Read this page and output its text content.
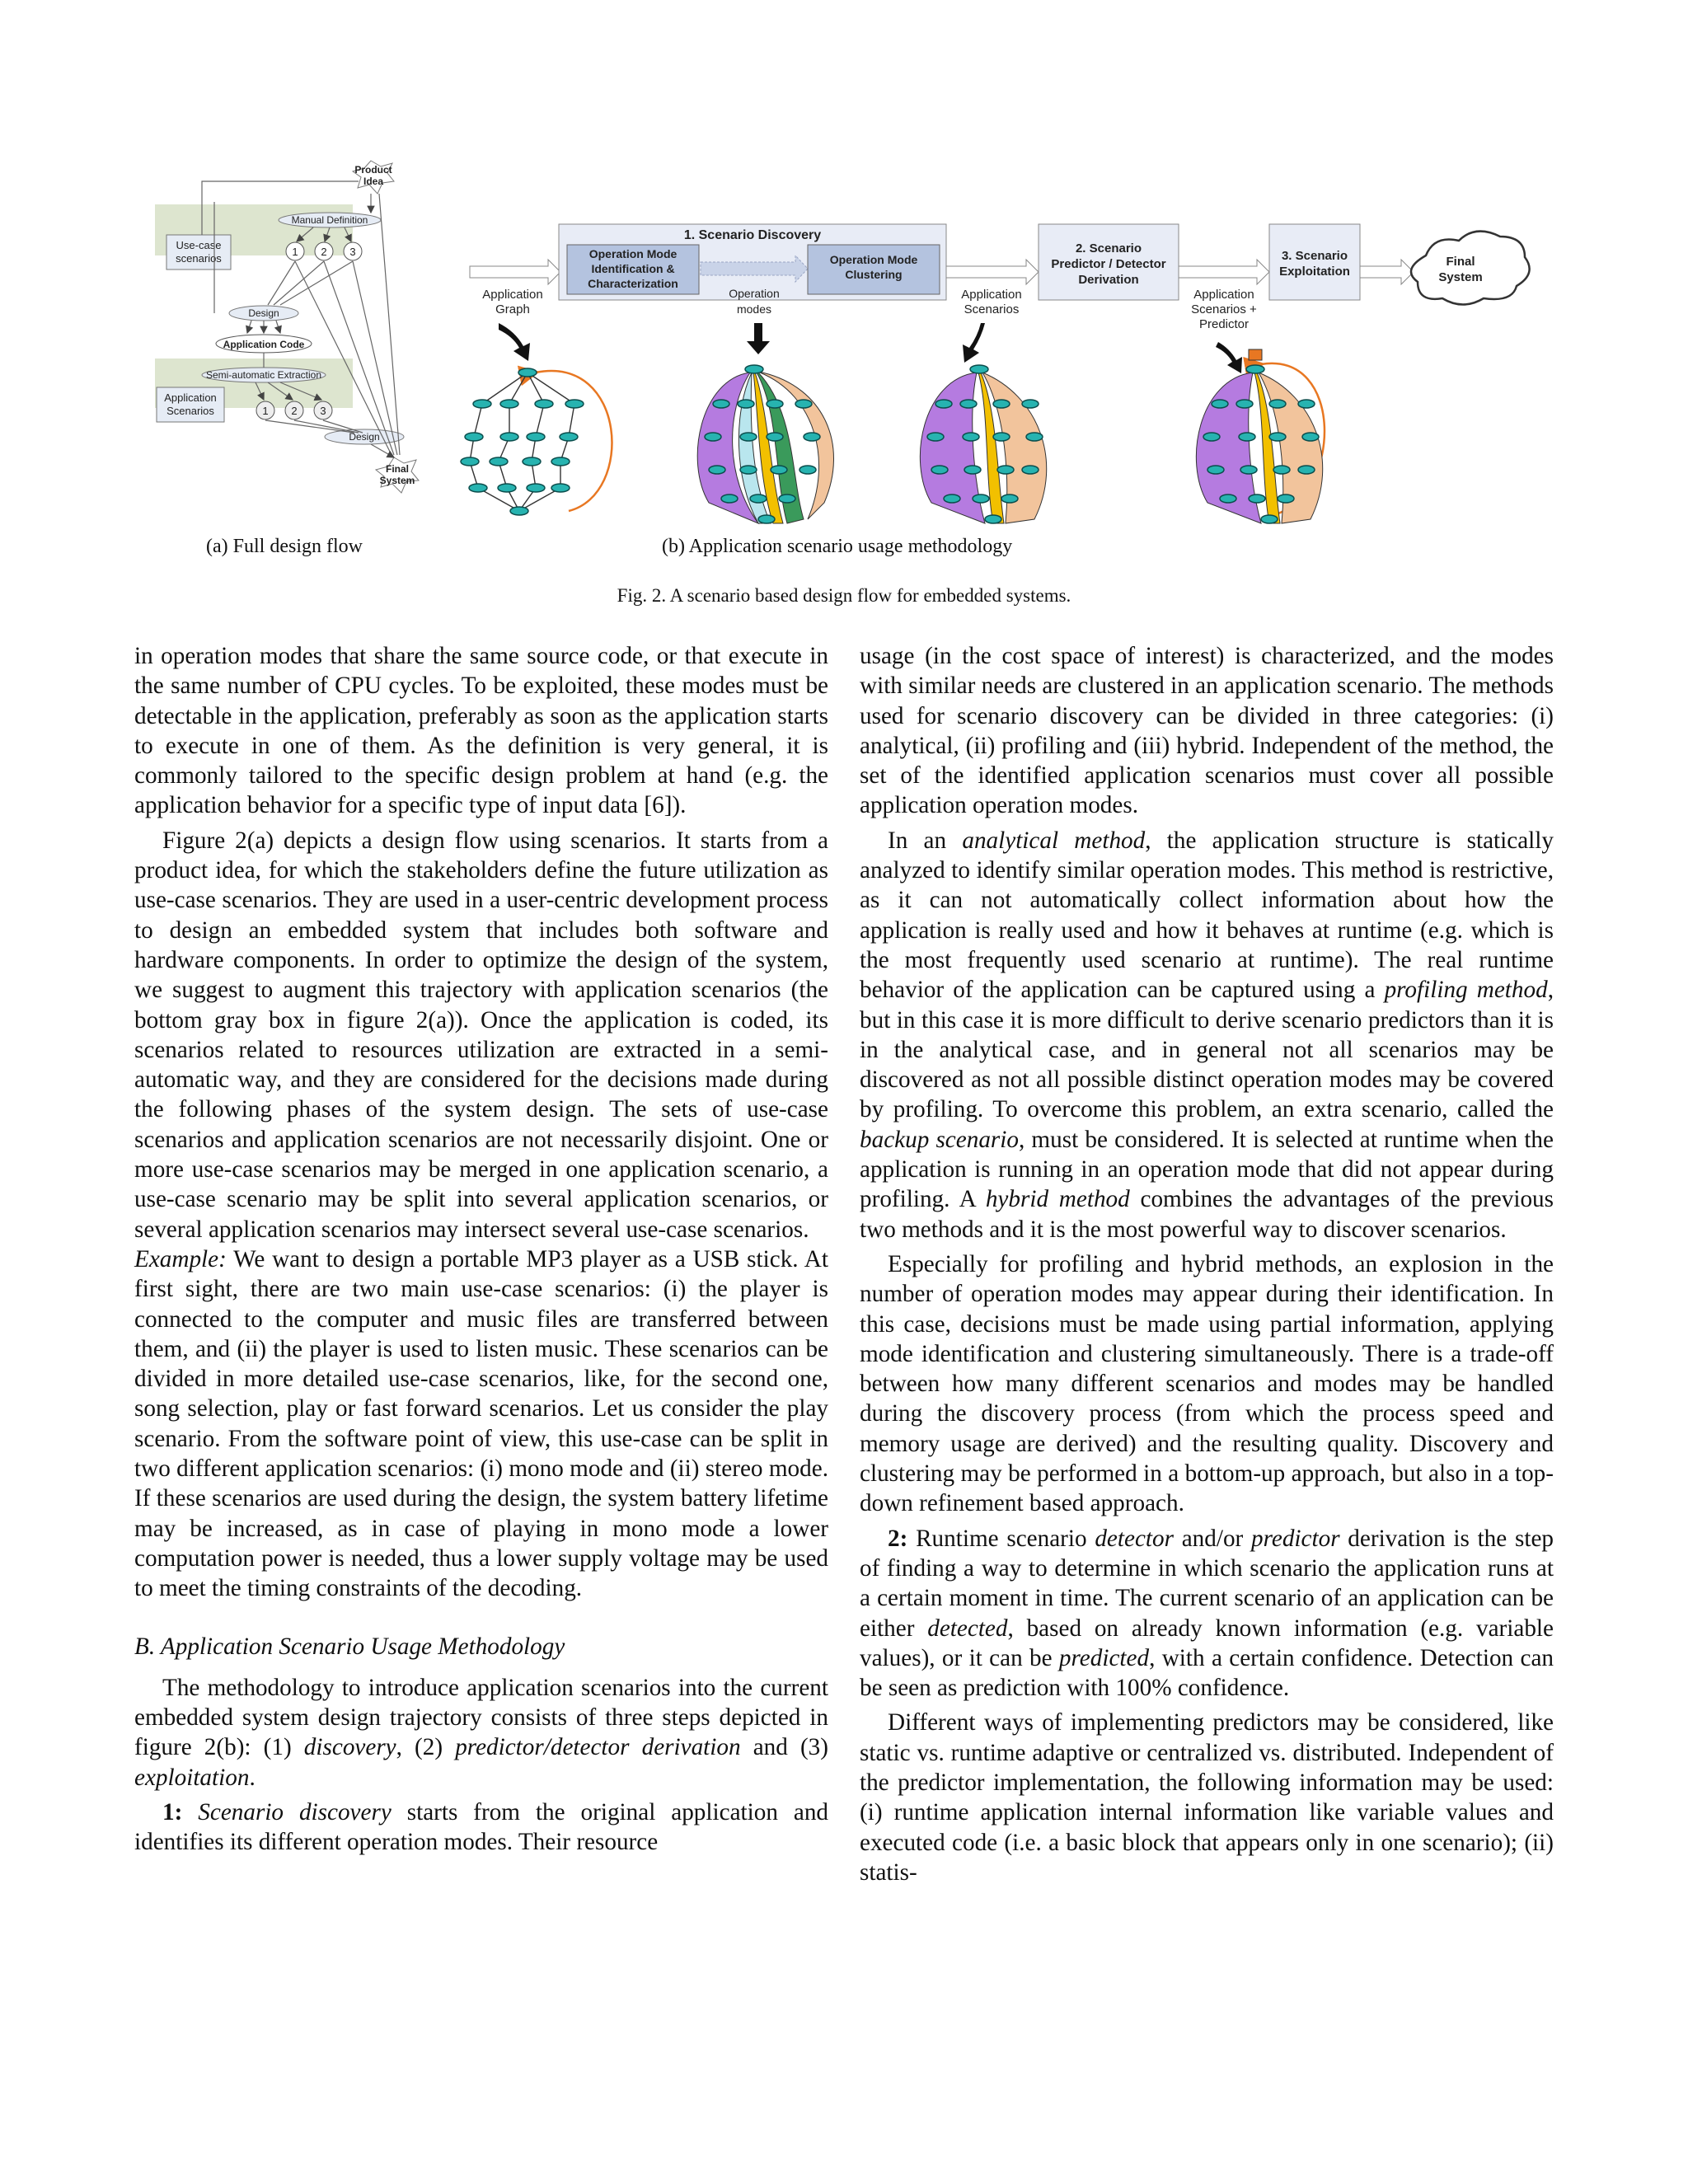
Product
Idea
Manual Definition
Use-case
scenarios
1 2 3
Design
Application Code
Semi-automatic Extraction
Application
Scenarios	1 2 3
Design
Final
System
Application
Graph
1. Scenario Discovery
Operation Mode
Identification &
Characterization
Operation
Operation Mode
Clustering
modes
Application
Scenarios
2. Scenario
Predictor / Detector
Derivation
Application
Scenarios +
Predictor
3. Scenario
Exploitation
Final
System
(a) Full design flow	(b) Application scenario usage methodology
Fig. 2. A scenario based design flow for embedded systems.

in operation modes that share the same source code, or that execute in the same number of CPU cycles. To be exploited, these modes must be detectable in the application, preferably as soon as the application starts to execute in one of them. As the definition is very general, it is commonly tailored to the specific design problem at hand (e.g. the application behavior for a specific type of input data [6]).

Figure 2(a) depicts a design flow using scenarios. It starts from a product idea, for which the stakeholders define the future utilization as use-case scenarios. They are used in a user-centric development process to design an embedded system that includes both software and hardware components. In order to optimize the design of the system, we suggest to augment this trajectory with application scenarios (the bottom gray box in figure 2(a)). Once the application is coded, its scenarios related to resources utilization are extracted in a semi-automatic way, and they are considered for the decisions made during the following phases of the system design. The sets of use-case scenarios and application scenarios are not necessarily disjoint. One or more use-case scenarios may be merged in one application scenario, a use-case scenario may be split into several application scenarios, or several application scenarios may intersect several use-case scenarios.

Example: We want to design a portable MP3 player as a USB stick. At first sight, there are two main use-case scenarios: (i) the player is connected to the computer and music files are transferred between them, and (ii) the player is used to listen music. These scenarios can be divided in more detailed use-case scenarios, like, for the second one, song selection, play or fast forward scenarios. Let us consider the play scenario. From the software point of view, this use-case can be split in two different application scenarios: (i) mono mode and (ii) stereo mode. If these scenarios are used during the design, the system battery lifetime may be increased, as in case of playing in mono mode a lower computation power is needed, thus a lower supply voltage may be used to meet the timing constraints of the decoding.

B. Application Scenario Usage Methodology

The methodology to introduce application scenarios into the current embedded system design trajectory consists of three steps depicted in figure 2(b): (1) discovery, (2) predictor/detector derivation and (3) exploitation.

1: Scenario discovery starts from the original application and identifies its different operation modes. Their resource

usage (in the cost space of interest) is characterized, and the modes with similar needs are clustered in an application scenario. The methods used for scenario discovery can be divided in three categories: (i) analytical, (ii) profiling and (iii) hybrid. Independent of the method, the set of the identified application scenarios must cover all possible application operation modes.

In an analytical method, the application structure is statically analyzed to identify similar operation modes. This method is restrictive, as it can not automatically collect information about how the application is really used and how it behaves at runtime (e.g. which is the most frequently used scenario at runtime). The real runtime behavior of the application can be captured using a profiling method, but in this case it is more difficult to derive scenario predictors than it is in the analytical case, and in general not all scenarios may be discovered as not all possible distinct operation modes may be covered by profiling. To overcome this problem, an extra scenario, called the backup scenario, must be considered. It is selected at runtime when the application is running in an operation mode that did not appear during profiling. A hybrid method combines the advantages of the previous two methods and it is the most powerful way to discover scenarios.

Especially for profiling and hybrid methods, an explosion in the number of operation modes may appear during their identification. In this case, decisions must be made using partial information, applying mode identification and clustering simultaneously. There is a trade-off between how many different scenarios and modes may be handled during the discovery process (from which the process speed and memory usage are derived) and the resulting quality. Discovery and clustering may be performed in a bottom-up approach, but also in a top-down refinement based approach.

2: Runtime scenario detector and/or predictor derivation is the step of finding a way to determine in which scenario the application runs at a certain moment in time. The current scenario of an application can be either detected, based on already known information (e.g. variable values), or it can be predicted, with a certain confidence. Detection can be seen as prediction with 100% confidence.

Different ways of implementing predictors may be considered, like static vs. runtime adaptive or centralized vs. distributed. Independent of the predictor implementation, the following information may be used: (i) runtime application internal information like variable values and executed code (i.e. a basic block that appears only in one scenario); (ii) statis-
